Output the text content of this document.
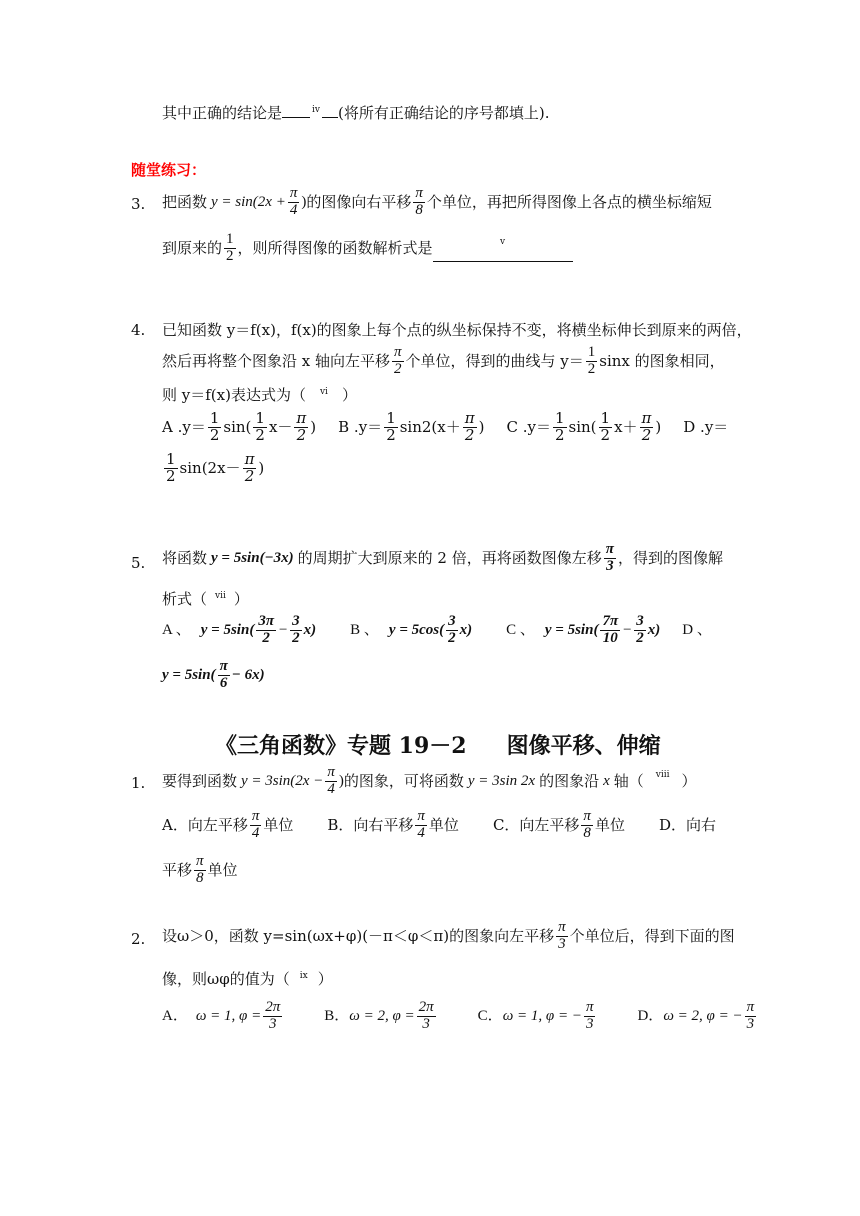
其中正确的结论是	$^{iv}$ (将所有正确结论的序号都填上).
随堂练习：
3. 把函数 $y = \sin(2x + \frac{\pi}{4}$ ) 的图像向右平移 $\frac{\pi}{8}$ 个单位，再把所得图像上各点的横坐标缩短
到原来的 $\frac{1}{2}$ ，则所得图像的函数解析式是	$^v$
4. 已知函数 y＝f(x)，f(x)的图象上每个点的纵坐标保持不变，将横坐标伸长到原来的两倍，
然后再将整个图象沿 x 轴向左平移 $\frac{\pi}{2}$ 个单位，得到的曲线与 $y= \frac{1}{2}$ sinx 的图象相同，
则 y＝f(x)表达式为（ $^{vi}$ ）
A $.y= \frac{1}{2} \sin( \frac{1}{2} x- \frac{\pi}{2}$ ) B $.y= \frac{1}{2} \sin 2(x+ \frac{\pi}{2}$ ) C $.y= \frac{1}{2} \sin( \frac{1}{2} x+ \frac{\pi}{2}$ ) D .y＝
$\frac{1}{2} \sin(2x- \frac{\pi}{2}$ )
5. 将函数 y = 5sin(−3x) 的周期扩大到原来的 2 倍，再将函数图像左移 $\frac{\pi}{3}$ ，得到的图像解
析式（ $^{vii}$ ）
A 、 $y = 5\sin( \frac{3\pi}{2} - \frac{3}{2} x)$ B 、 $y = 5\cos( \frac{3}{2} x)$ C 、 $y = 5\sin( \frac{7\pi}{10} - \frac{3}{2} x)$ D 、
$y = 5\sin( \frac{\pi}{6} - 6x)$
《三角函数》专题 19－2 图像平移、伸缩
1. 要得到函数 $y = 3\sin(2x - \frac{\pi}{4}$ ) 的图象，可将函数 y = 3sin 2x 的图象沿 x 轴（	viii ）
A．向左平移 $\frac{\pi}{4}$ 单位 B．向右平移 $\frac{\pi}{4}$ 单位 C．向左平移 $\frac{\pi}{8}$ 单位 D．向右
平移 $\frac{\pi}{8}$ 单位
2. 设ω＞0，函数 y=sin(ωx+φ)(－π＜φ＜π)的图象向左平移 $\frac{\pi}{3}$ 个单位后，得到下面的图
像，则ωφ的值为（ $^{ix}$ ）
A． ω = 1, $\varphi = \frac{2\pi}{3}$	B． ω = 2, $\varphi = \frac{2\pi}{3}$	C． ω = 1, φ = − $\frac{\pi}{3}$	D． ω = 2, φ = − $\frac{\pi}{3}$
